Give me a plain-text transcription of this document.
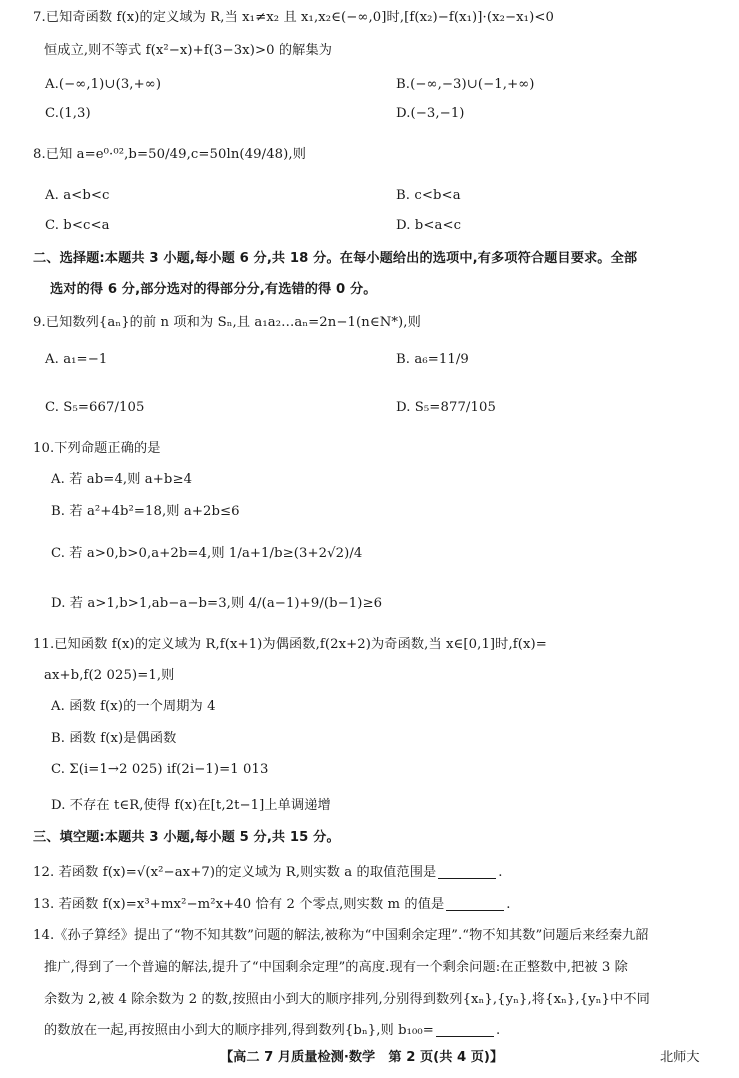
7.已知奇函数 f(x)的定义域为 R,当 x₁≠x₂ 且 x₁,x₂∈(−∞,0]时,[f(x₂)−f(x₁)]·(x₂−x₁)<0
恒成立,则不等式 f(x²−x)+f(3−3x)>0 的解集为
A.(−∞,1)∪(3,+∞)	B.(−∞,−3)∪(−1,+∞)
C.(1,3)	D.(−3,−1)
8.已知 a=e⁰·⁰²,b=50/49,c=50ln(49/48),则
A. a<b<c	B. c<b<a
C. b<c<a	D. b<a<c
二、选择题:本题共 3 小题,每小题 6 分,共 18 分。在每小题给出的选项中,有多项符合题目要求。全部
选对的得 6 分,部分选对的得部分分,有选错的得 0 分。
9.已知数列{aₙ}的前 n 项和为 Sₙ,且 a₁a₂…aₙ=2n−1(n∈N*),则
A. a₁=−1	B. a₆=11/9
C. S₅=667/105	D. S₅=877/105
10.下列命题正确的是
A. 若 ab=4,则 a+b≥4
B. 若 a²+4b²=18,则 a+2b≤6
C. 若 a>0,b>0,a+2b=4,则 1/a+1/b≥(3+2√2)/4
D. 若 a>1,b>1,ab−a−b=3,则 4/(a−1)+9/(b−1)≥6
11.已知函数 f(x)的定义域为 R,f(x+1)为偶函数,f(2x+2)为奇函数,当 x∈[0,1]时,f(x)=
ax+b,f(2 025)=1,则
A. 函数 f(x)的一个周期为 4
B. 函数 f(x)是偶函数
C. Σ(i=1→2 025) if(2i−1)=1 013
D. 不存在 t∈R,使得 f(x)在[t,2t−1]上单调递增
三、填空题:本题共 3 小题,每小题 5 分,共 15 分。
12. 若函数 f(x)=√(x²−ax+7)的定义域为 R,则实数 a 的取值范围是	.
13. 若函数 f(x)=x³+mx²−m²x+40 恰有 2 个零点,则实数 m 的值是	.
14.《孙子算经》提出了“物不知其数”问题的解法,被称为“中国剩余定理”.“物不知其数”问题后来经秦九韶
推广,得到了一个普遍的解法,提升了“中国剩余定理”的高度.现有一个剩余问题:在正整数中,把被 3 除
余数为 2,被 4 除余数为 2 的数,按照由小到大的顺序排列,分别得到数列{xₙ},{yₙ},将{xₙ},{yₙ}中不同
的数放在一起,再按照由小到大的顺序排列,得到数列{bₙ},则 b₁₀₀=	.
【高二 7 月质量检测·数学　第 2 页(共 4 页)】	北师大
